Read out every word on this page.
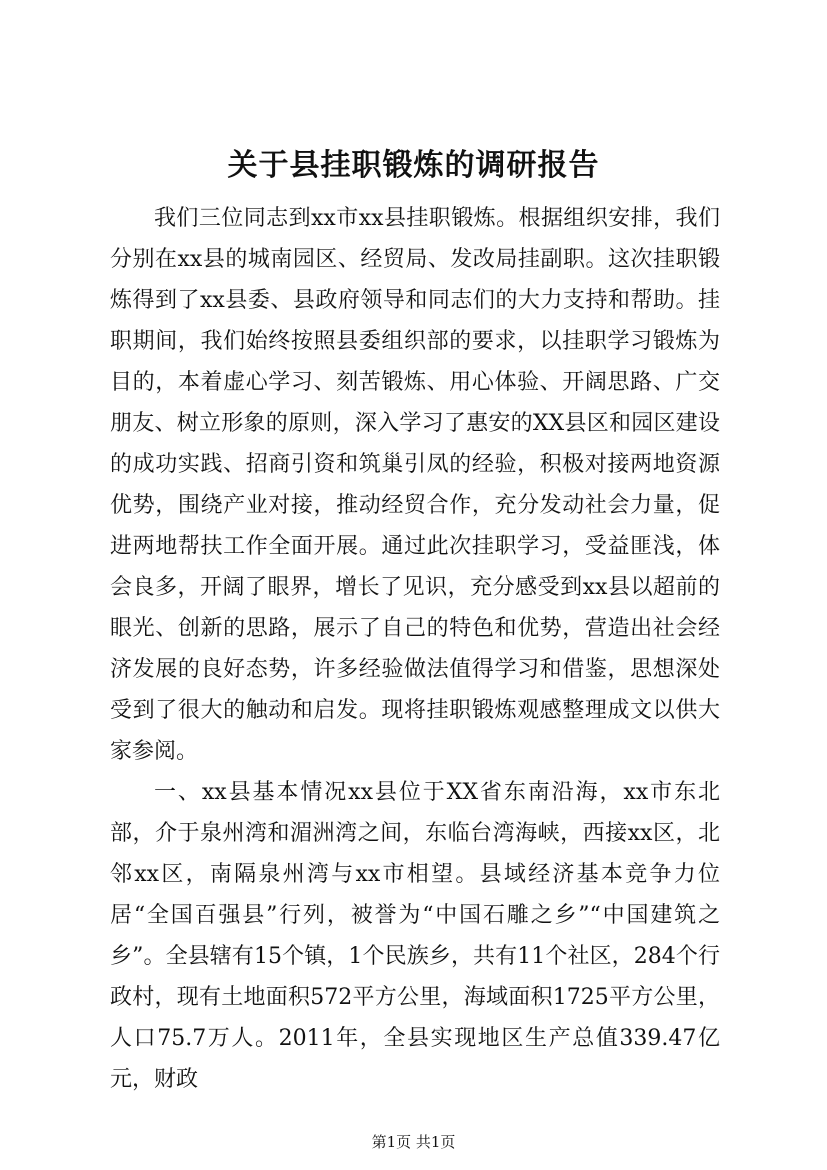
关于县挂职锻炼的调研报告

我们三位同志到xx市xx县挂职锻炼。根据组织安排，我们分别在xx县的城南园区、经贸局、发改局挂副职。这次挂职锻炼得到了xx县委、县政府领导和同志们的大力支持和帮助。挂职期间，我们始终按照县委组织部的要求，以挂职学习锻炼为目的，本着虚心学习、刻苦锻炼、用心体验、开阔思路、广交朋友、树立形象的原则，深入学习了惠安的XX县区和园区建设的成功实践、招商引资和筑巢引凤的经验，积极对接两地资源优势，围绕产业对接，推动经贸合作，充分发动社会力量，促进两地帮扶工作全面开展。通过此次挂职学习，受益匪浅，体会良多，开阔了眼界，增长了见识，充分感受到xx县以超前的眼光、创新的思路，展示了自己的特色和优势，营造出社会经济发展的良好态势，许多经验做法值得学习和借鉴，思想深处受到了很大的触动和启发。现将挂职锻炼观感整理成文以供大家参阅。

一、xx县基本情况xx县位于XX省东南沿海，xx市东北部，介于泉州湾和湄洲湾之间，东临台湾海峡，西接xx区，北邻xx区，南隔泉州湾与xx市相望。县域经济基本竞争力位居“全国百强县”行列，被誉为“中国石雕之乡”“中国建筑之乡”。全县辖有15个镇，1个民族乡，共有11个社区，284个行政村，现有土地面积572平方公里，海域面积1725平方公里，人口75.7万人。2011年，全县实现地区生产总值339.47亿元，财政

第1页 共1页
